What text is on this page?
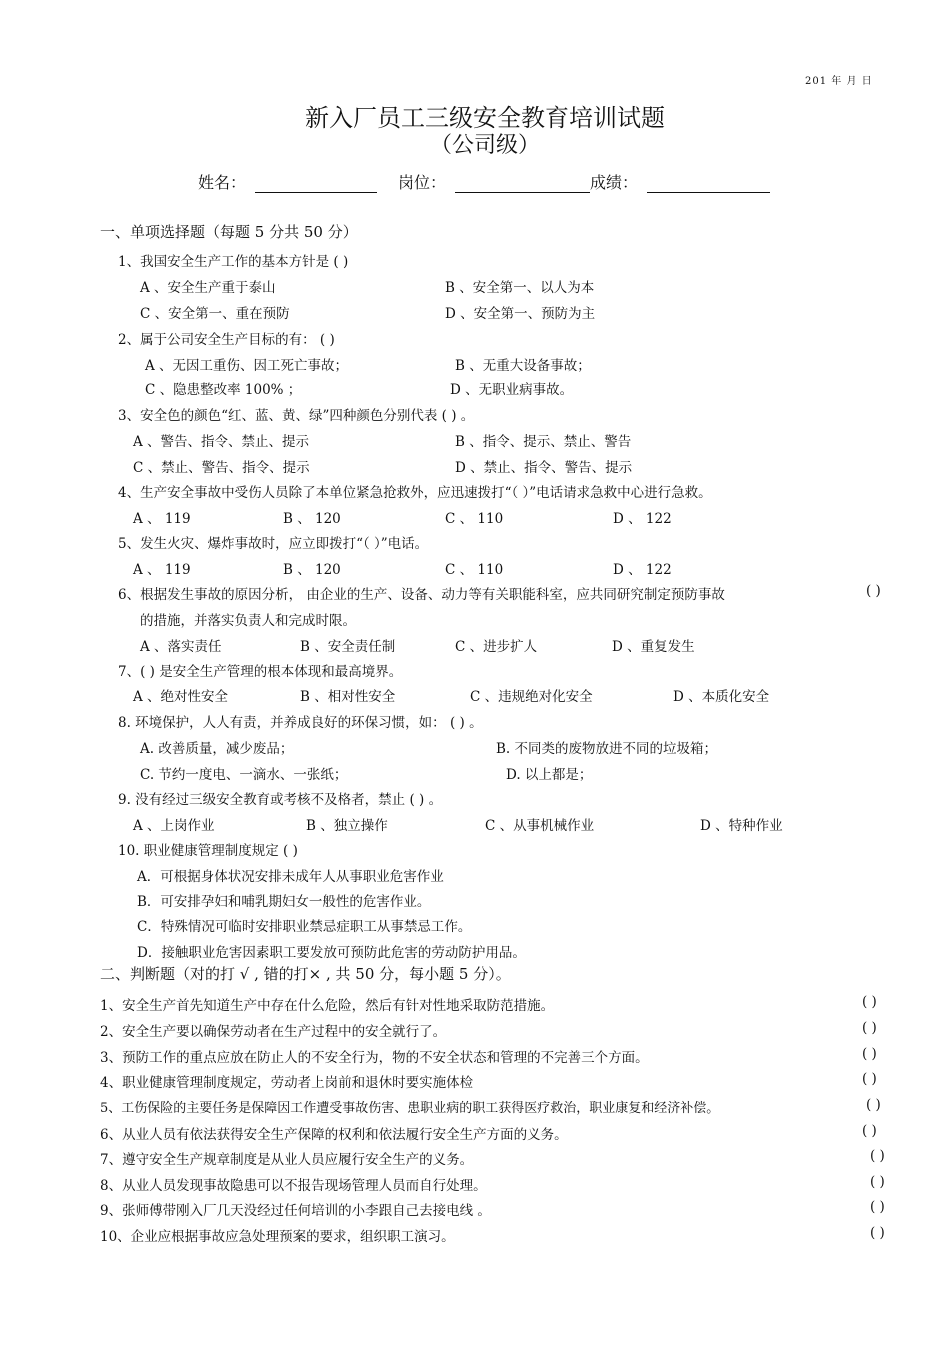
201 年 月 日
新入厂员工三级安全教育培训试题
（公司级）
姓名：	岗位：	成绩：
一、单项选择题（每题 5 分共 50 分）
1、我国安全生产工作的基本方针是 ( )
A 、安全生产重于泰山	B 、安全第一、以人为本
C 、安全第一、重在预防	D 、安全第一、预防为主
2、属于公司安全生产目标的有： ( )
A 、无因工重伤、因工死亡事故；	B 、无重大设备事故；
C 、隐患整改率 100% ；	D 、无职业病事故。
3、安全色的颜色“红、蓝、黄、绿”四种颜色分别代表 ( ) 。
A 、警告、指令、禁止、提示	B 、指令、提示、禁止、警告
C 、禁止、警告、指令、提示	D 、禁止、指令、警告、提示
4、生产安全事故中受伤人员除了本单位紧急抢救外，应迅速拨打“（ ）”电话请求急救中心进行急救。
A 、 119	B 、 120	C 、 110	D 、 122
5、发生火灾、爆炸事故时，应立即拨打“（ ）”电话。
A 、 119	B 、 120	C 、 110	D 、 122
6、根据发生事故的原因分析， 由企业的生产、设备、动力等有关职能科室，应共同研究制定预防事故	( )
的措施，并落实负责人和完成时限。
A 、落实责任	B 、安全责任制	C 、进步扩人	D 、重复发生
7、( ) 是安全生产管理的根本体现和最高境界。
A 、绝对性安全	B 、相对性安全	C 、违规绝对化安全	D 、本质化安全
8. 环境保护，人人有责，并养成良好的环保习惯，如： ( ) 。
A. 改善质量，减少废品；	B. 不同类的废物放进不同的垃圾箱；
C. 节约一度电、一滴水、一张纸；	D. 以上都是；
9. 没有经过三级安全教育或考核不及格者，禁止 ( ) 。
A 、上岗作业	B 、独立操作	C 、从事机械作业	D 、特种作业
10. 职业健康管理制度规定 ( )
A．可根据身体状况安排未成年人从事职业危害作业
B．可安排孕妇和哺乳期妇女一般性的危害作业。
C．特殊情况可临时安排职业禁忌症职工从事禁忌工作。
D．接触职业危害因素职工要发放可预防此危害的劳动防护用品。
二、判断题（对的打 √ , 错的打× , 共 50 分，每小题 5 分）。
1、安全生产首先知道生产中存在什么危险，然后有针对性地采取防范措施。	( )
2、安全生产要以确保劳动者在生产过程中的安全就行了。	( )
3、预防工作的重点应放在防止人的不安全行为，物的不安全状态和管理的不完善三个方面。	( )
4、职业健康管理制度规定，劳动者上岗前和退休时要实施体检	( )
5、工伤保险的主要任务是保障因工作遭受事故伤害、患职业病的职工获得医疗救治，职业康复和经济补偿。	( )
6、从业人员有依法获得安全生产保障的权利和依法履行安全生产方面的义务。	( )
7、遵守安全生产规章制度是从业人员应履行安全生产的义务。	( )
8、从业人员发现事故隐患可以不报告现场管理人员而自行处理。	( )
9、张师傅带刚入厂几天没经过任何培训的小李跟自己去接电线 。	( )
10、企业应根据事故应急处理预案的要求，组织职工演习。	( )
